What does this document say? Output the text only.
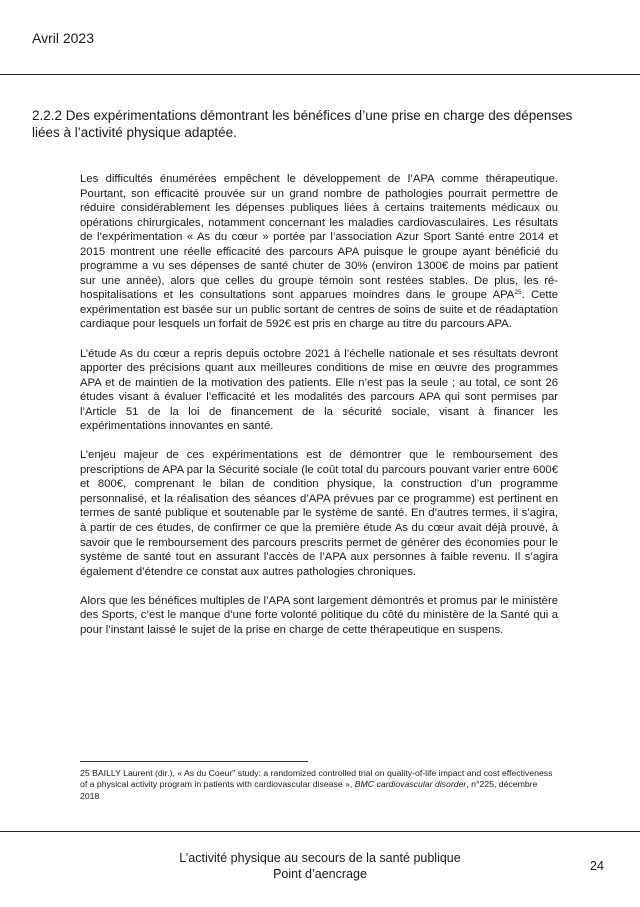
Avril 2023
2.2.2 Des expérimentations démontrant les bénéfices d’une prise en charge des dépenses liées à l’activité physique adaptée.

Les difficultés énumérées empêchent le développement de l’APA comme thérapeutique. Pourtant, son efficacité prouvée sur un grand nombre de pathologies pourrait permettre de réduire considérablement les dépenses publiques liées à certains traitements médicaux ou opérations chirurgicales, notamment concernant les maladies cardiovasculaires. Les résultats de l’expérimentation « As du cœur » portée par l’association Azur Sport Santé entre 2014 et 2015 montrent une réelle efficacité des parcours APA puisque le groupe ayant bénéficié du programme a vu ses dépenses de santé chuter de 30% (environ 1300€ de moins par patient sur une année), alors que celles du groupe témoin sont restées stables. De plus, les ré-hospitalisations et les consultations sont apparues moindres dans le groupe APA$^{25}$. Cette expérimentation est basée sur un public sortant de centres de soins de suite et de réadaptation cardiaque pour lesquels un forfait de 592€ est pris en charge au titre du parcours APA.

L’étude As du cœur a repris depuis octobre 2021 à l’échelle nationale et ses résultats devront apporter des précisions quant aux meilleures conditions de mise en œuvre des programmes APA et de maintien de la motivation des patients. Elle n’est pas la seule ; au total, ce sont 26 études visant à évaluer l’efficacité et les modalités des parcours APA qui sont permises par l’Article 51 de la loi de financement de la sécurité sociale, visant à financer les expérimentations innovantes en santé.

L’enjeu majeur de ces expérimentations est de démontrer que le remboursement des prescriptions de APA par la Sécurité sociale (le coût total du parcours pouvant varier entre 600€ et 800€, comprenant le bilan de condition physique, la construction d’un programme personnalisé, et la réalisation des séances d’APA prévues par ce programme) est pertinent en termes de santé publique et soutenable par le système de santé. En d’autres termes, il s’agira, à partir de ces études, de confirmer ce que la première étude As du cœur avait déjà prouvé, à savoir que le remboursement des parcours prescrits permet de générer des économies pour le système de santé tout en assurant l’accès de l’APA aux personnes à faible revenu. Il s’agira également d’étendre ce constat aux autres pathologies chroniques.

Alors que les bénéfices multiples de l’APA sont largement démontrés et promus par le ministère des Sports, c’est le manque d’une forte volonté politique du côté du ministère de la Santé qui a pour l’instant laissé le sujet de la prise en charge de cette thérapeutique en suspens.

25 BAILLY Laurent (dir.), « As du Coeur" study: a randomized controlled trial on quality-of-life impact and cost effectiveness of a physical activity program in patients with cardiovascular disease », BMC cardiovascular disorder, n°225, décembre 2018
L’activité physique au secours de la santé publique
Point d’aencrage
24
